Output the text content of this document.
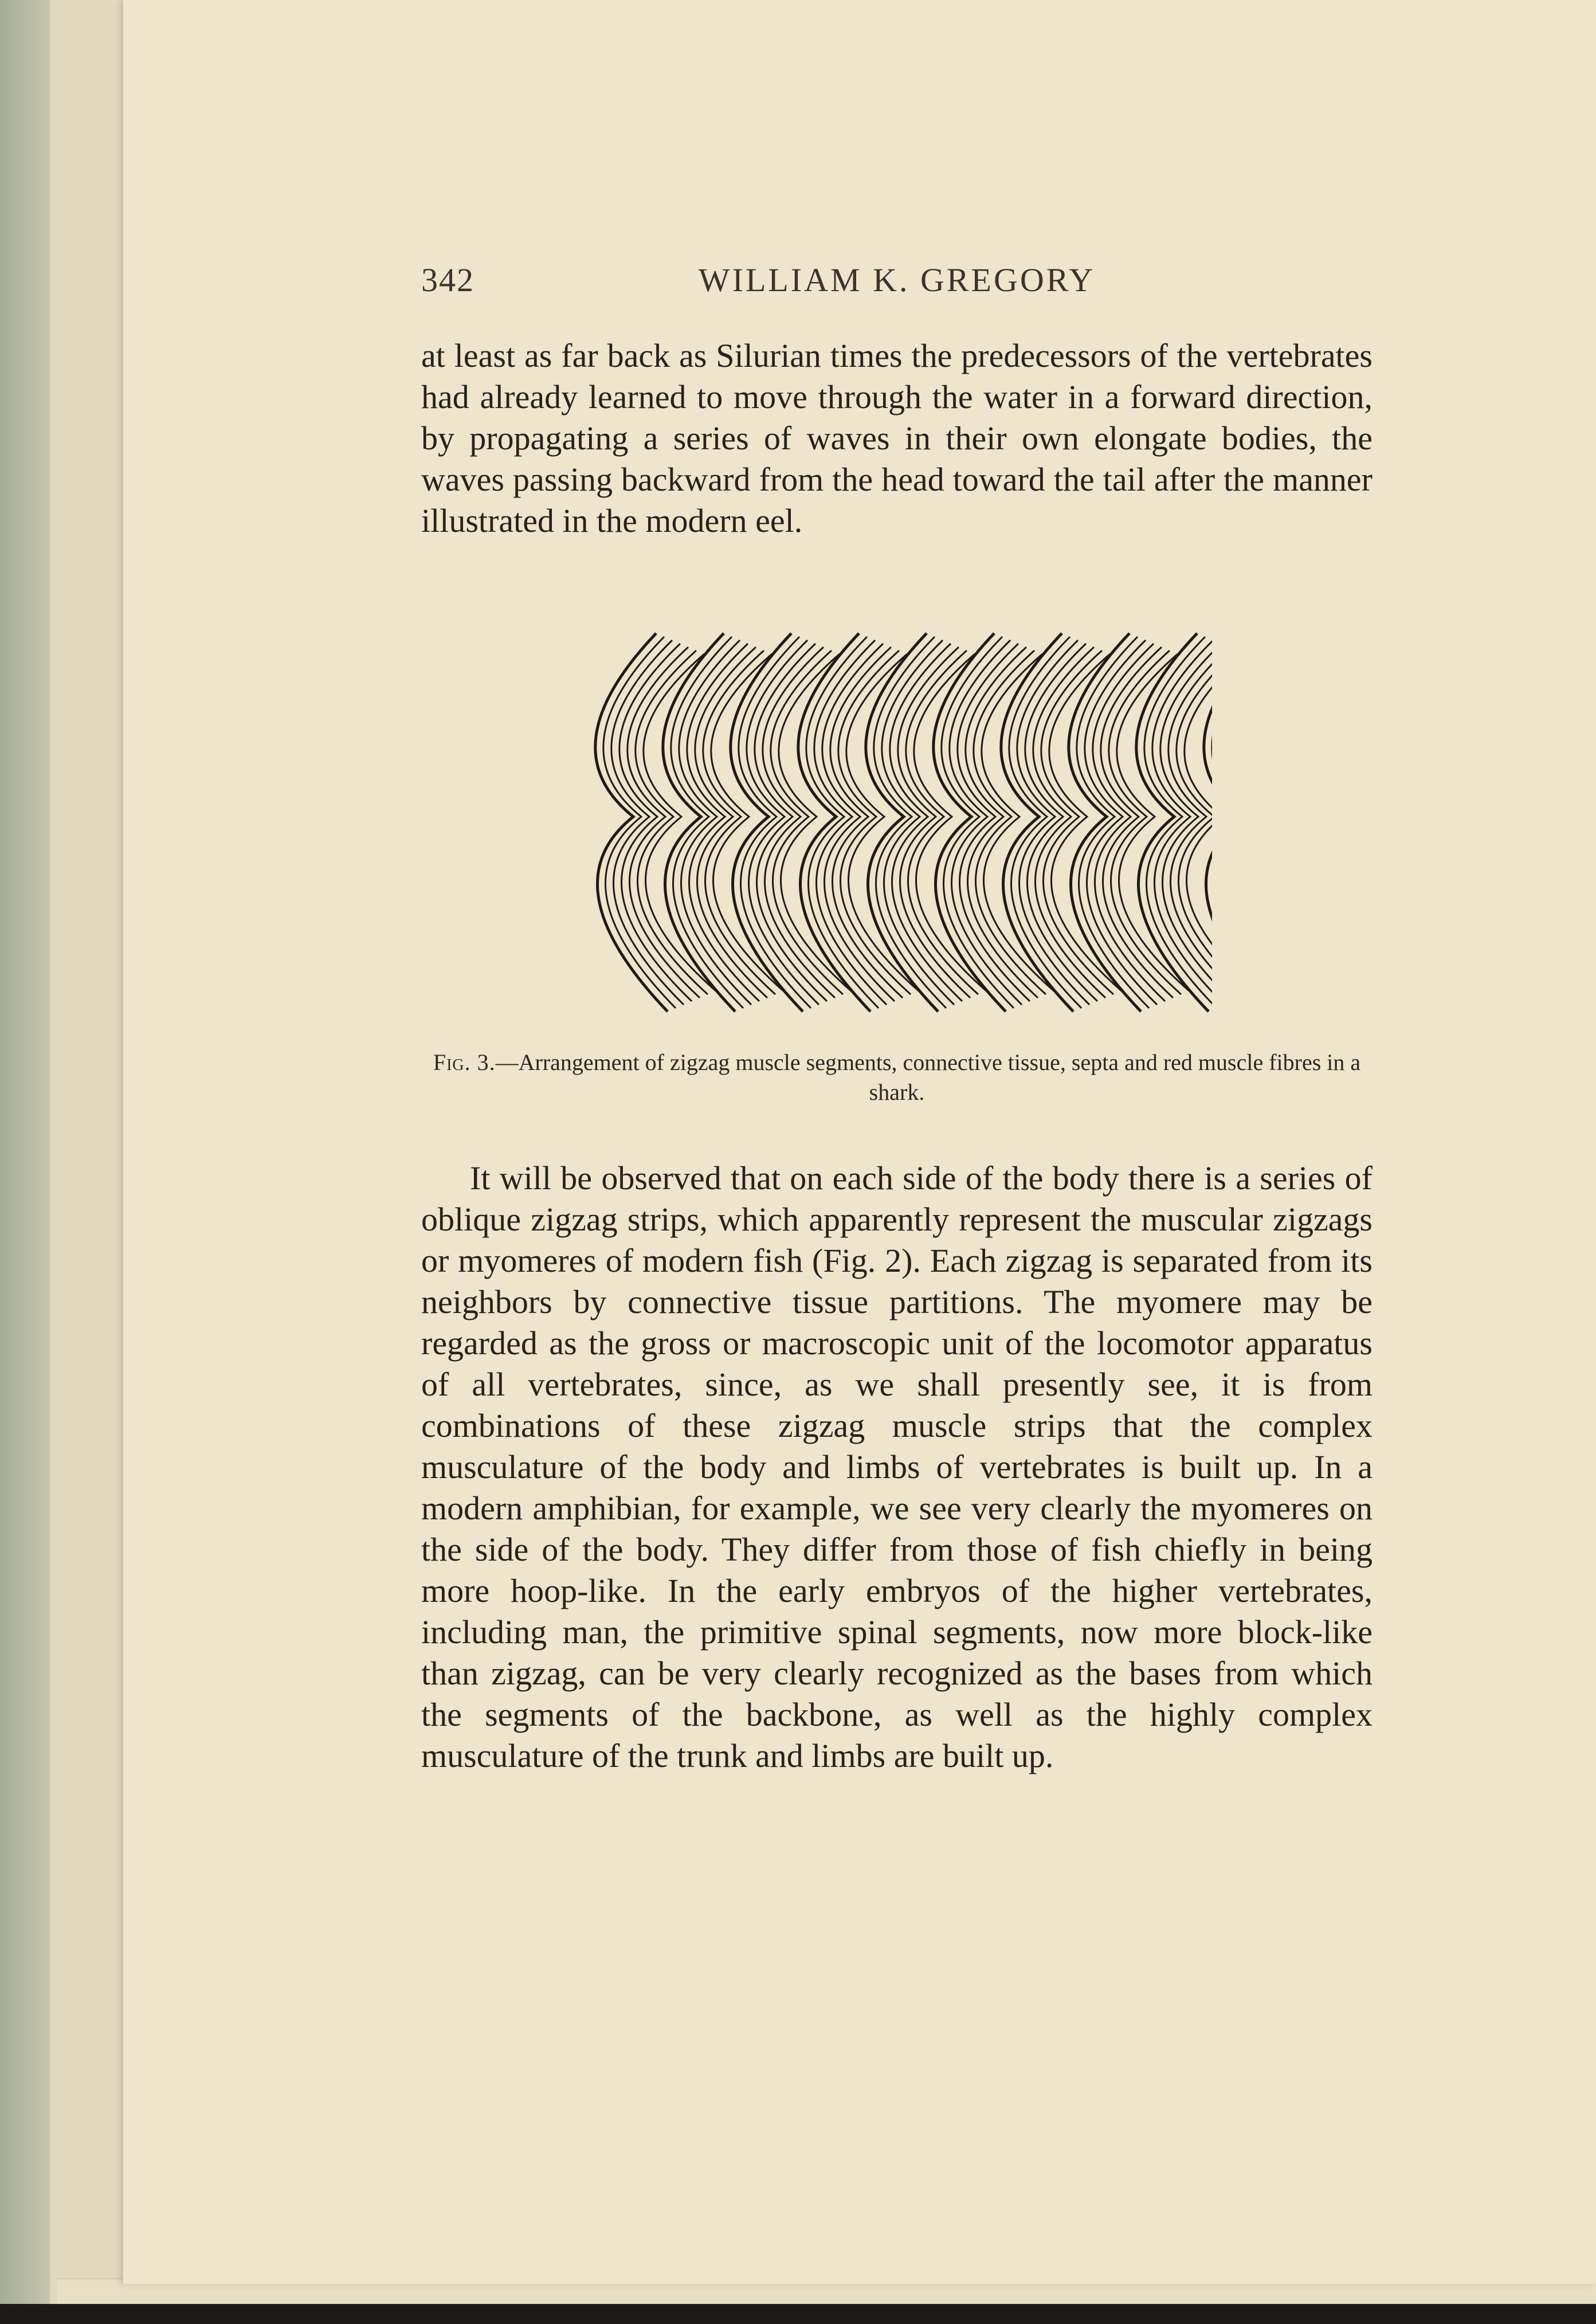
342	WILLIAM K. GREGORY

at least as far back as Silurian times the predecessors of the vertebrates had already learned to move through the water in a forward direction, by propagating a series of waves in their own elongate bodies, the waves passing backward from the head toward the tail after the manner illustrated in the modern eel.

Fig. 3.—Arrangement of zigzag muscle segments, connective tissue, septa and red muscle fibres in a shark.

It will be observed that on each side of the body there is a series of oblique zigzag strips, which apparently represent the muscular zigzags or myomeres of modern fish (Fig. 2). Each zigzag is separated from its neighbors by connective tissue partitions. The myomere may be regarded as the gross or macroscopic unit of the locomotor apparatus of all vertebrates, since, as we shall presently see, it is from combinations of these zigzag muscle strips that the complex musculature of the body and limbs of vertebrates is built up. In a modern amphibian, for example, we see very clearly the myomeres on the side of the body. They differ from those of fish chiefly in being more hoop-like. In the early embryos of the higher vertebrates, including man, the primitive spinal segments, now more block-like than zigzag, can be very clearly recognized as the bases from which the segments of the backbone, as well as the highly complex musculature of the trunk and limbs are built up.
